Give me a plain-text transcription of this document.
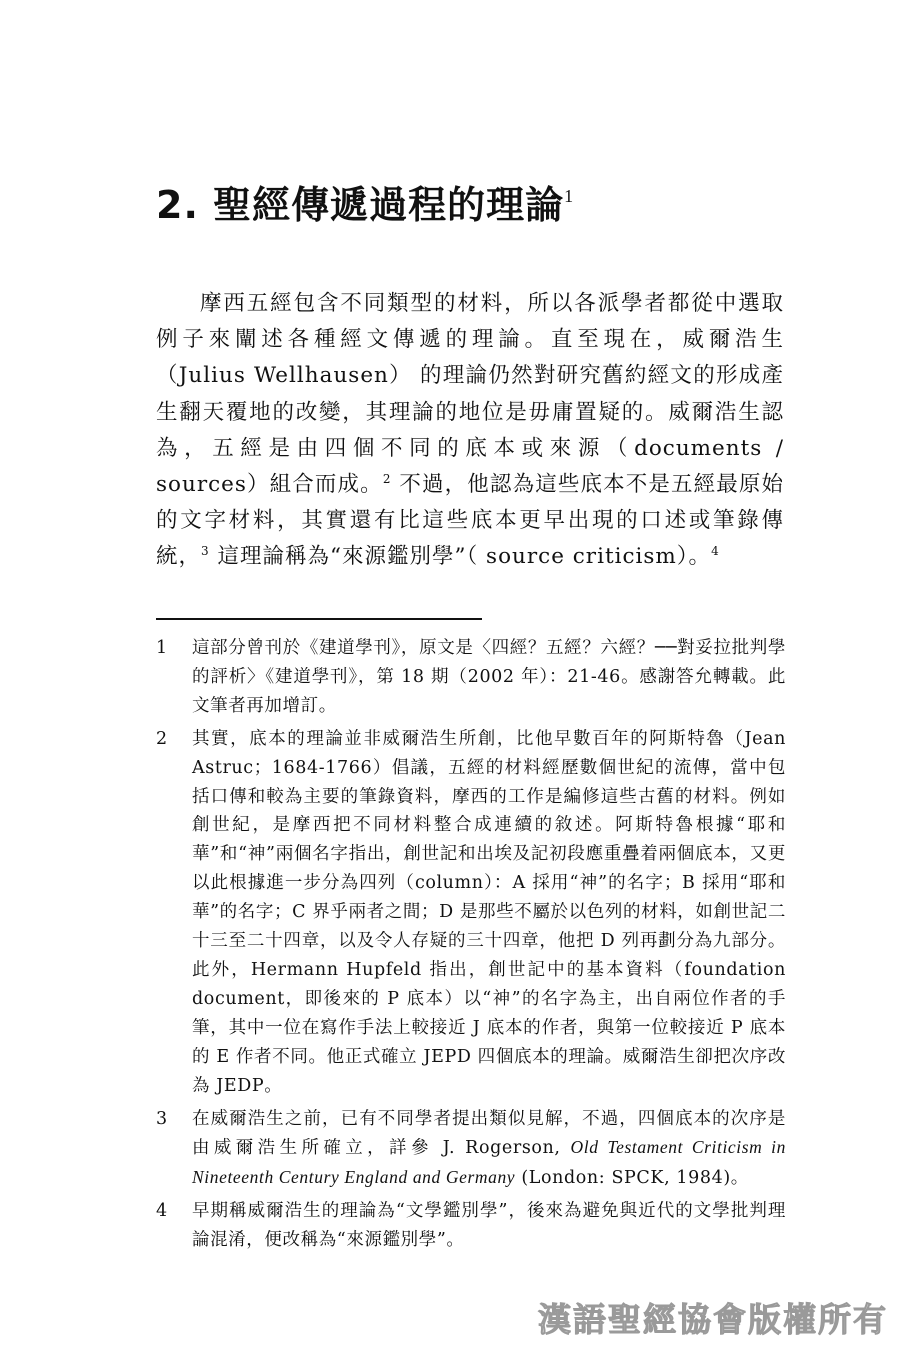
2. 聖經傳遞過程的理論$^1$

摩西五經包含不同類型的材料，所以各派學者都從中選取例子來闡述各種經文傳遞的理論。直至現在，威爾浩生（Julius Wellhausen） 的理論仍然對研究舊約經文的形成產生翻天覆地的改變，其理論的地位是毋庸置疑的。威爾浩生認為，五經是由四個不同的底本或來源（documents / sources）組合而成。$^2$ 不過，他認為這些底本不是五經最原始的文字材料，其實還有比這些底本更早出現的口述或筆錄傳統，$^3$ 這理論稱為“來源鑑別學”（ source criticism）。$^4$

1 這部分曾刊於《建道學刊》，原文是〈四經？五經？六經？──對妥拉批判學的評析〉《建道學刊》，第 18 期（2002 年）：21-46。感謝答允轉載。此文筆者再加增訂。
2 其實，底本的理論並非威爾浩生所創，比他早數百年的阿斯特魯（Jean Astruc；1684-1766）倡議，五經的材料經歷數個世紀的流傳，當中包括口傳和較為主要的筆錄資料，摩西的工作是編修這些古舊的材料。例如創世紀，是摩西把不同材料整合成連續的敘述。阿斯特魯根據“耶和華”和“神”兩個名字指出，創世記和出埃及記初段應重疊着兩個底本，又更以此根據進一步分為四列（column）：A 採用“神”的名字；B 採用“耶和華”的名字；C 界乎兩者之間；D 是那些不屬於以色列的材料，如創世記二十三至二十四章，以及令人存疑的三十四章，他把 D 列再劃分為九部分。此外，Hermann Hupfeld 指出，創世記中的基本資料（foundation document，即後來的 P 底本）以“神”的名字為主，出自兩位作者的手筆，其中一位在寫作手法上較接近 J 底本的作者，與第一位較接近 P 底本的 E 作者不同。他正式確立 JEPD 四個底本的理論。威爾浩生卻把次序改為 JEDP。
3 在威爾浩生之前，已有不同學者提出類似見解，不過，四個底本的次序是由威爾浩生所確立，詳參 J. Rogerson, Old Testament Criticism in Nineteenth Century England and Germany (London: SPCK, 1984)。
4 早期稱威爾浩生的理論為“文學鑑別學”，後來為避免與近代的文學批判理論混淆，便改稱為“來源鑑別學”。
漢語聖經協會版權所有
